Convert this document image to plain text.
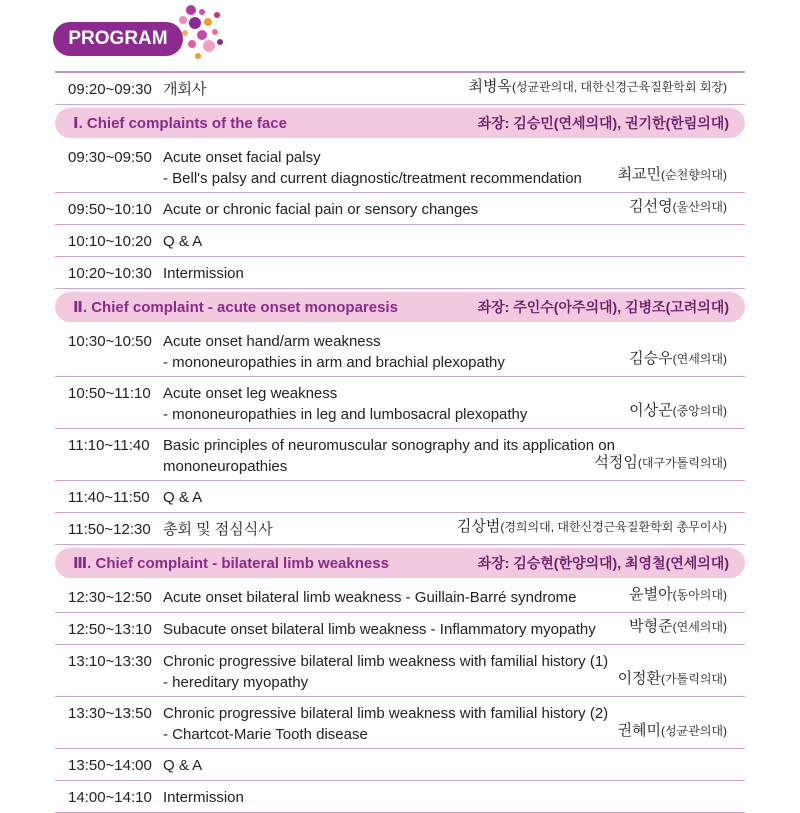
PROGRAM
09:20~09:30 개회사	최병옥(성균관의대, 대한신경근육질환학회 회장)
Ⅰ. Chief complaints of the face	좌장: 김승민(연세의대), 권기한(한림의대)
09:30~09:50 Acute onset facial palsy
- Bell's palsy and current diagnostic/treatment recommendation	최교민(순천향의대)
09:50~10:10 Acute or chronic facial pain or sensory changes	김선영(울산의대)
10:10~10:20 Q & A
10:20~10:30 Intermission
Ⅱ. Chief complaint - acute onset monoparesis	좌장: 주인수(아주의대), 김병조(고려의대)
10:30~10:50 Acute onset hand/arm weakness
- mononeuropathies in arm and brachial plexopathy	김승우(연세의대)
10:50~11:10 Acute onset leg weakness
- mononeuropathies in leg and lumbosacral plexopathy	이상곤(중앙의대)
11:10~11:40 Basic principles of neuromuscular sonography and its application on
mononeuropathies	석정임(대구가톨릭의대)
11:40~11:50 Q & A
11:50~12:30 총회 및 점심식사	김상범(경희의대, 대한신경근육질환학회 총무이사)
Ⅲ. Chief complaint - bilateral limb weakness	좌장: 김승현(한양의대), 최영철(연세의대)
12:30~12:50 Acute onset bilateral limb weakness - Guillain-Barré syndrome	윤별아(동아의대)
12:50~13:10 Subacute onset bilateral limb weakness - Inflammatory myopathy	박형준(연세의대)
13:10~13:30 Chronic progressive bilateral limb weakness with familial history (1)
- hereditary myopathy	이정환(가톨릭의대)
13:30~13:50 Chronic progressive bilateral limb weakness with familial history (2)
- Chartcot-Marie Tooth disease	권혜미(성균관의대)
13:50~14:00 Q & A
14:00~14:10 Intermission
